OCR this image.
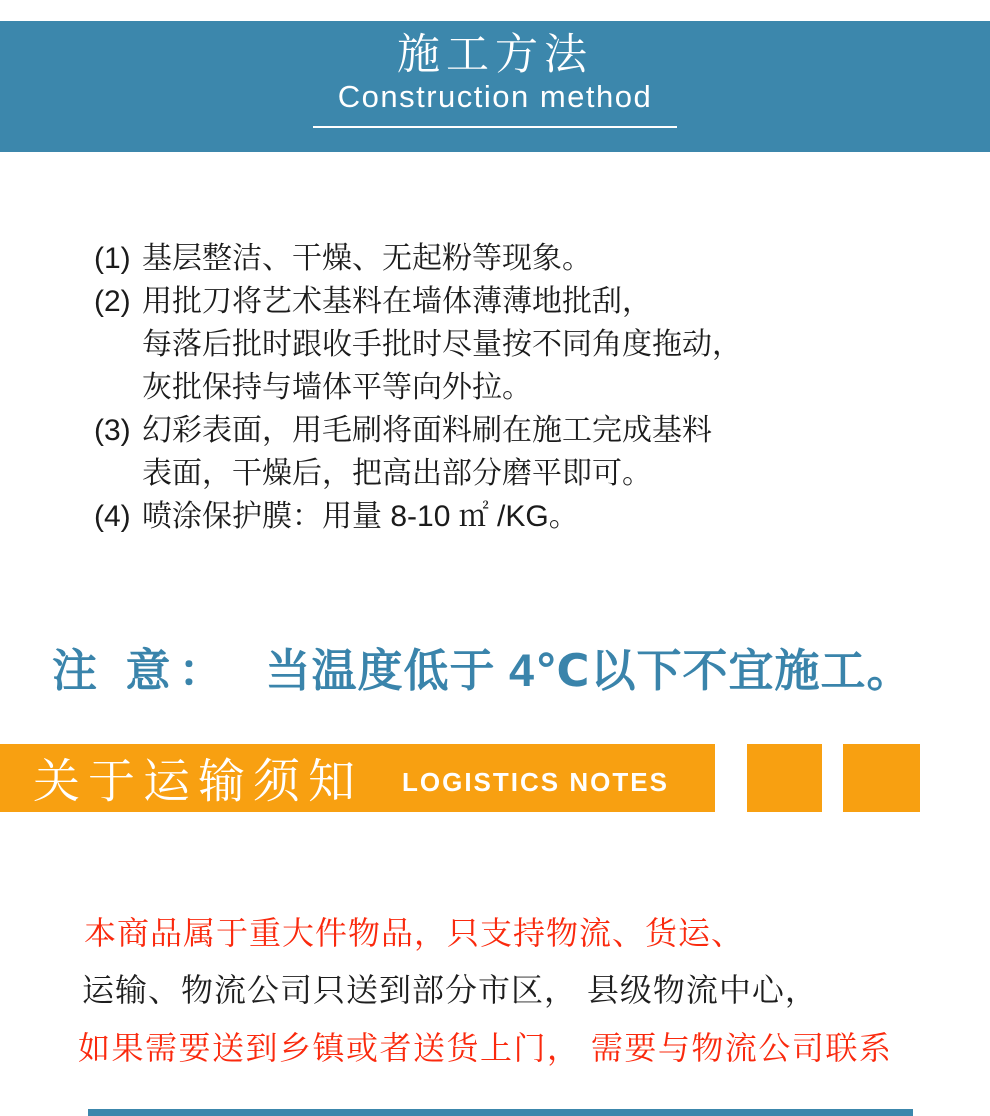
施工方法
Construction method
(1) 基层整洁、干燥、无起粉等现象。
(2) 用批刀将艺术基料在墙体薄薄地批刮，
每落后批时跟收手批时尽量按不同角度拖动，
灰批保持与墙体平等向外拉。
(3) 幻彩表面，用毛刷将面料刷在施工完成基料
表面，干燥后，把高出部分磨平即可。
(4) 喷涂保护膜：用量 8-10 ㎡ /KG。
注 意： 当温度低于 4℃以下不宜施工。
关于运输须知 LOGISTICS NOTES

本商品属于重大件物品，只支持物流、货运、

运输、物流公司只送到部分市区， 县级物流中心，

如果需要送到乡镇或者送货上门， 需要与物流公司联系
